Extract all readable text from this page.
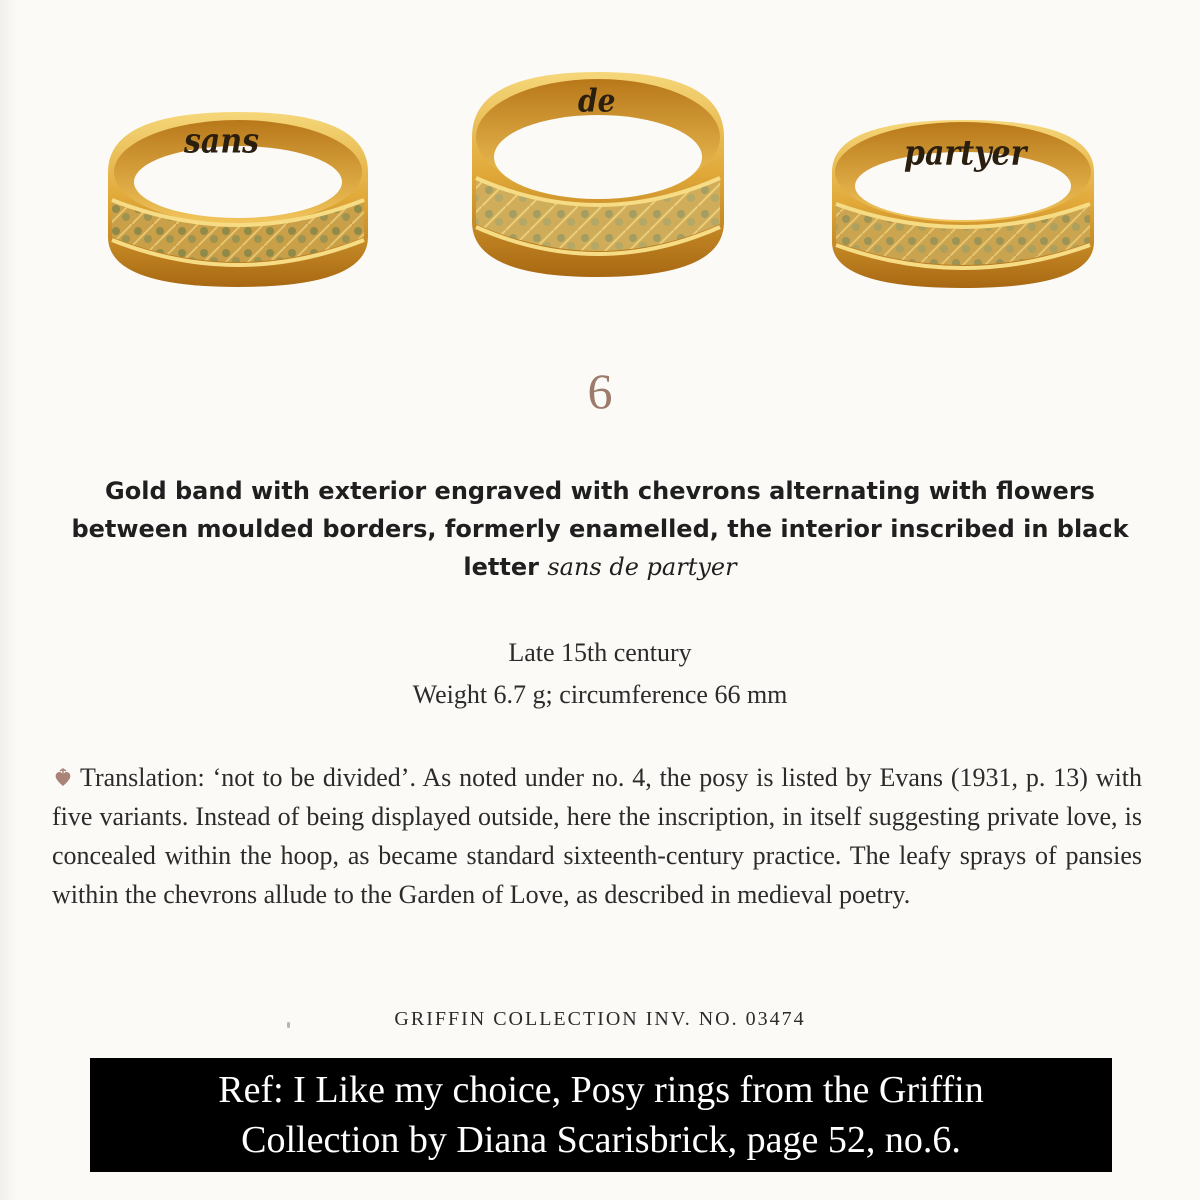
sans
de
partyer
6
Gold band with exterior engraved with chevrons alternating with flowers between moulded borders, formerly enamelled, the interior inscribed in black letter sans de partyer
Late 15th century
Weight 6.7 g; circumference 66 mm
Translation: ‘not to be divided’. As noted under no. 4, the posy is listed by Evans (1931, p. 13) with five variants. Instead of being displayed outside, here the inscription, in itself suggesting private love, is concealed within the hoop, as became standard sixteenth-century practice. The leafy sprays of pansies within the chevrons allude to the Garden of Love, as described in medieval poetry.
GRIFFIN COLLECTION INV. NO. 03474
Ref: I Like my choice, Posy rings from the Griffin
Collection by Diana Scarisbrick, page 52, no.6.
